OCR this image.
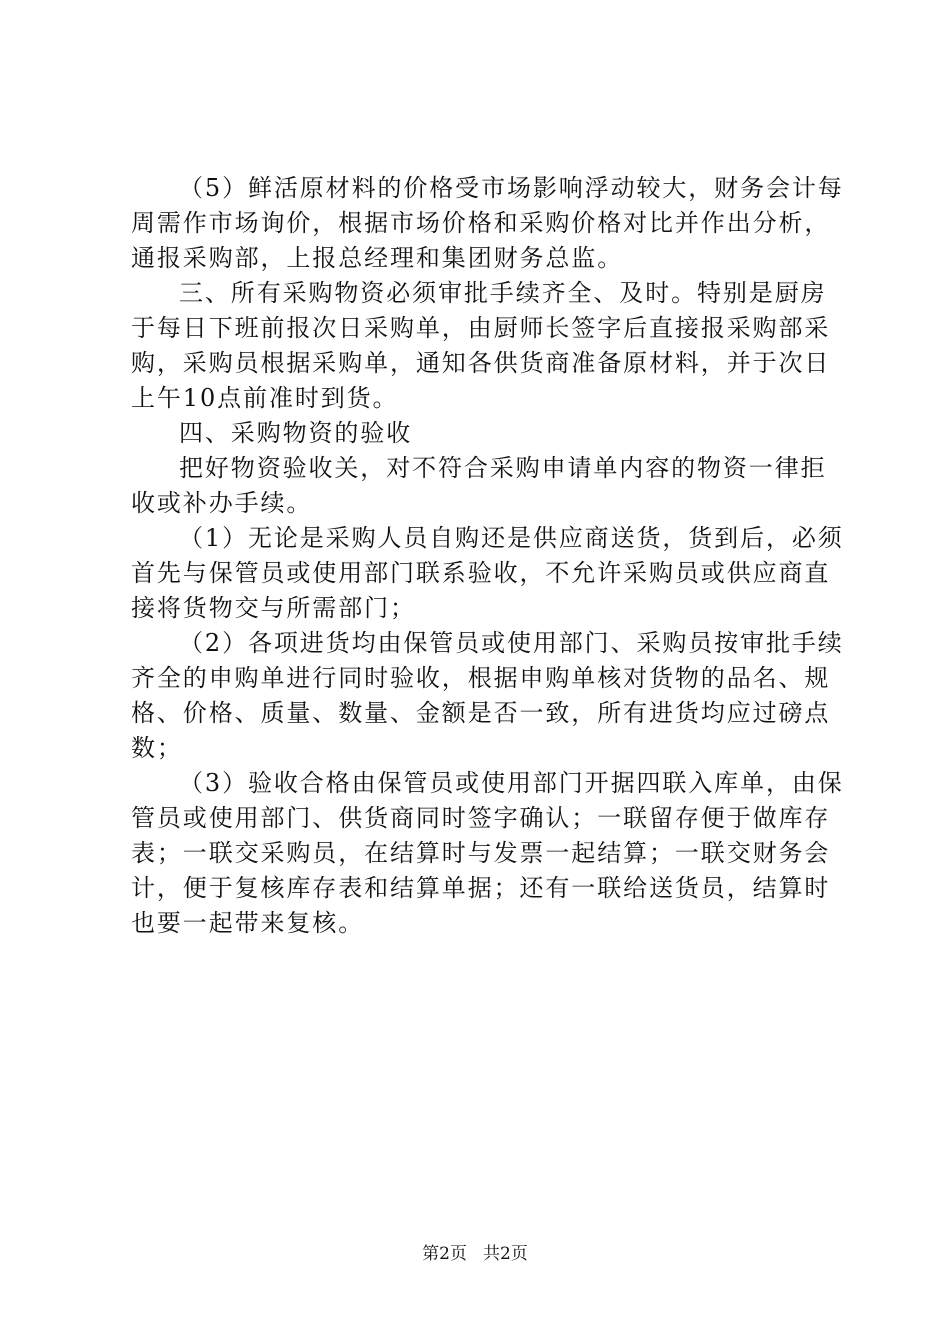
（5）鲜活原材料的价格受市场影响浮动较大，财务会计每
周需作市场询价，根据市场价格和采购价格对比并作出分析，
通报采购部，上报总经理和集团财务总监。
三、所有采购物资必须审批手续齐全、及时。特别是厨房
于每日下班前报次日采购单，由厨师长签字后直接报采购部采
购，采购员根据采购单，通知各供货商准备原材料，并于次日
上午10点前准时到货。
四、采购物资的验收
把好物资验收关，对不符合采购申请单内容的物资一律拒
收或补办手续。
（1）无论是采购人员自购还是供应商送货，货到后，必须
首先与保管员或使用部门联系验收，不允许采购员或供应商直
接将货物交与所需部门；
（2）各项进货均由保管员或使用部门、采购员按审批手续
齐全的申购单进行同时验收，根据申购单核对货物的品名、规
格、价格、质量、数量、金额是否一致，所有进货均应过磅点
数；
（3）验收合格由保管员或使用部门开据四联入库单，由保
管员或使用部门、供货商同时签字确认；一联留存便于做库存
表；一联交采购员，在结算时与发票一起结算；一联交财务会
计，便于复核库存表和结算单据；还有一联给送货员，结算时
也要一起带来复核。
第2页 共2页
